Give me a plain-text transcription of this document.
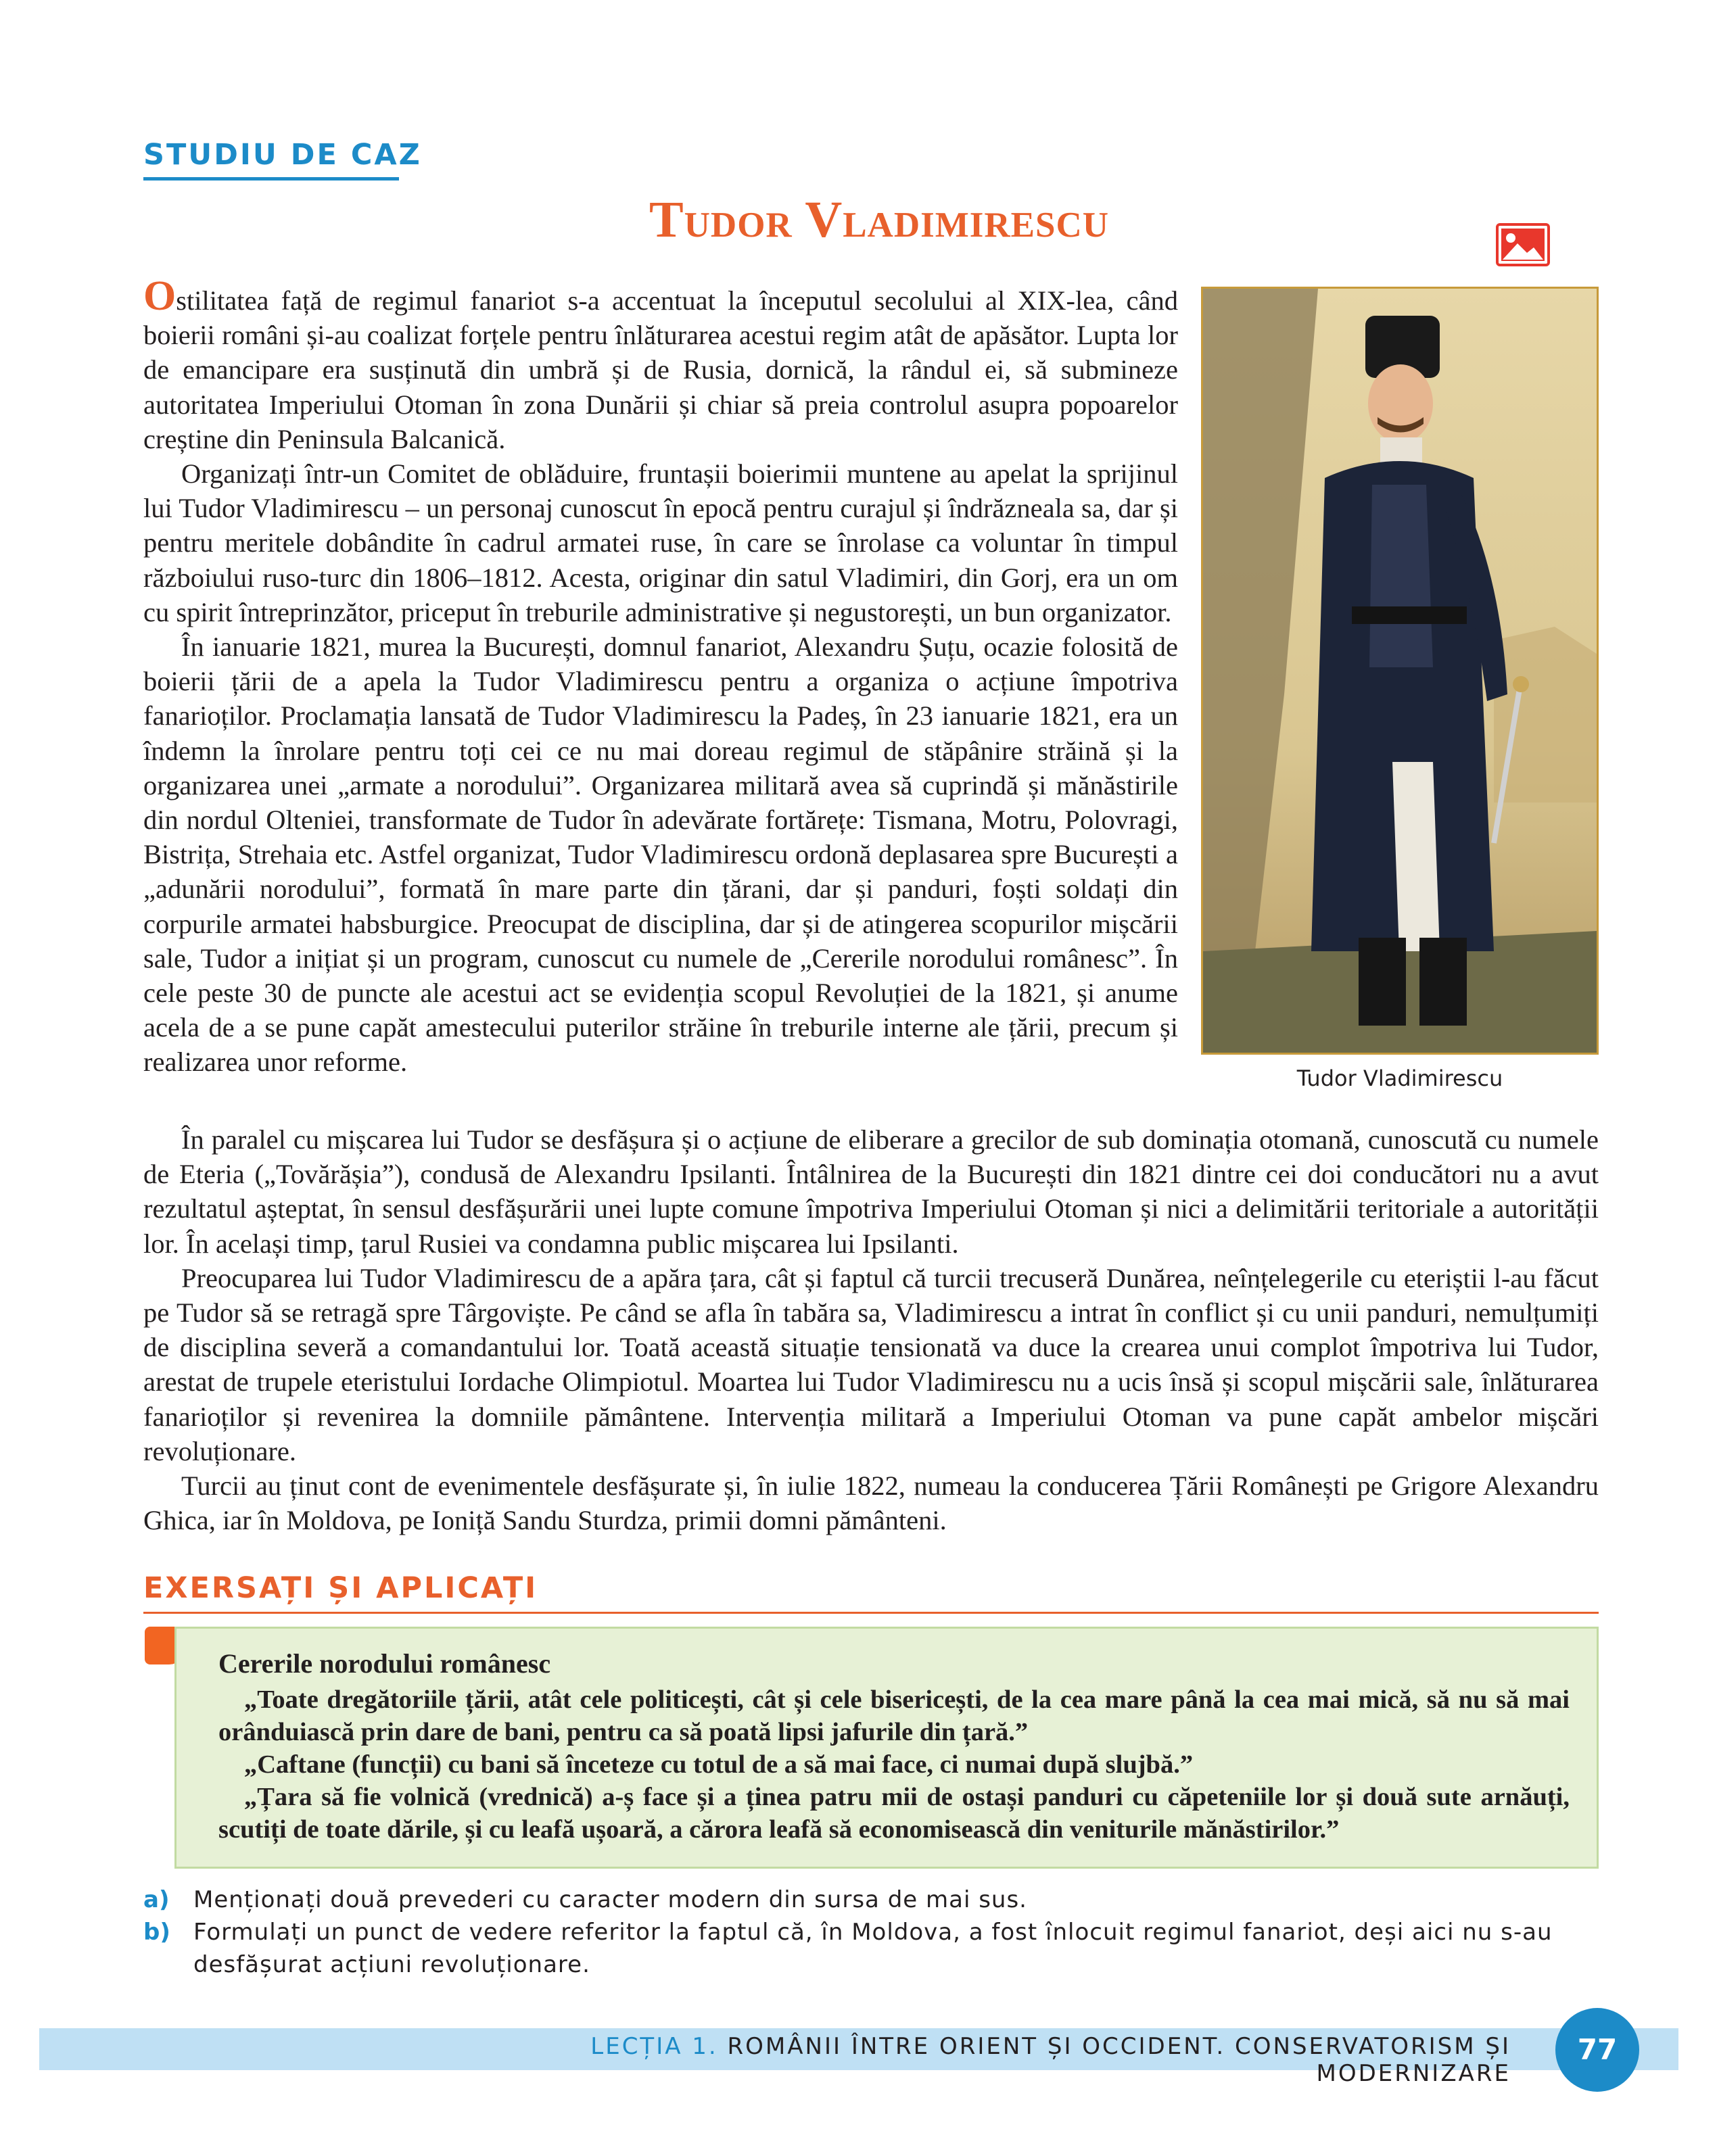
STUDIU DE CAZ
Tudor Vladimirescu
Tudor Vladimirescu

Ostilitatea față de regimul fanariot s-a accentuat la începutul secolului al XIX-lea, când boierii români și-au coalizat forțele pentru înlăturarea acestui regim atât de apăsător. Lupta lor de emancipare era susținută din umbră și de Rusia, dornică, la rândul ei, să submineze autoritatea Imperiului Otoman în zona Dunării și chiar să preia controlul asupra popoarelor creștine din Peninsula Balcanică.

Organizați într-un Comitet de oblăduire, fruntașii boierimii muntene au apelat la sprijinul lui Tudor Vladimirescu – un personaj cunoscut în epocă pentru curajul și îndrăzneala sa, dar și pentru meritele dobândite în cadrul armatei ruse, în care se înrolase ca voluntar în timpul războiului ruso-turc din 1806–1812. Acesta, originar din satul Vladimiri, din Gorj, era un om cu spirit întreprinzător, priceput în treburile administrative și negustorești, un bun organizator.

În ianuarie 1821, murea la București, domnul fanariot, Alexandru Șuțu, ocazie folosită de boierii țării de a apela la Tudor Vladimirescu pentru a organiza o acțiune împotriva fanarioților. Proclamația lansată de Tudor Vladimirescu la Padeș, în 23 ianuarie 1821, era un îndemn la înrolare pentru toți cei ce nu mai doreau regimul de stăpânire străină și la organizarea unei „armate a norodului”. Organizarea militară avea să cuprindă și mănăstirile din nordul Olteniei, transformate de Tudor în adevărate fortărețe: Tismana, Motru, Polovragi, Bistrița, Strehaia etc. Astfel organizat, Tudor Vladimirescu ordonă deplasarea spre București a „adunării norodului”, formată în mare parte din țărani, dar și panduri, foști soldați din corpurile armatei habsburgice. Preocupat de disciplina, dar și de atingerea scopurilor mișcării sale, Tudor a inițiat și un program, cunoscut cu numele de „Cererile norodului românesc”. În cele peste 30 de puncte ale acestui act se evidenția scopul Revoluției de la 1821, și anume acela de a se pune capăt amestecului puterilor străine în treburile interne ale țării, precum și realizarea unor reforme.

În paralel cu mișcarea lui Tudor se desfășura și o acțiune de eliberare a grecilor de sub dominația otomană, cunoscută cu numele de Eteria („Tovărășia”), condusă de Alexandru Ipsilanti. Întâlnirea de la București din 1821 dintre cei doi conducători nu a avut rezultatul așteptat, în sensul desfășurării unei lupte comune împotriva Imperiului Otoman și nici a delimitării teritoriale a autorității lor. În același timp, țarul Rusiei va condamna public mișcarea lui Ipsilanti.

Preocuparea lui Tudor Vladimirescu de a apăra țara, cât și faptul că turcii trecuseră Dunărea, neînțelegerile cu eteriștii l-au făcut pe Tudor să se retragă spre Târgoviște. Pe când se afla în tabăra sa, Vladimirescu a intrat în conflict și cu unii panduri, nemulțumiți de disciplina severă a comandantului lor. Toată această situație tensionată va duce la crearea unui complot împotriva lui Tudor, arestat de trupele eteristului Iordache Olimpiotul. Moartea lui Tudor Vladimirescu nu a ucis însă și scopul mișcării sale, înlăturarea fanarioților și revenirea la domniile pământene. Intervenția militară a Imperiului Otoman va pune capăt ambelor mișcări revoluționare.

Turcii au ținut cont de evenimentele desfășurate și, în iulie 1822, numeau la conducerea Țării Românești pe Grigore Alexandru Ghica, iar în Moldova, pe Ioniță Sandu Sturdza, primii domni pământeni.

EXERSAȚI ȘI APLICAȚI

Cererile norodului românesc

„Toate dregătoriile țării, atât cele politicești, cât și cele bisericești, de la cea mare până la cea mai mică, să nu să mai orânduiască prin dare de bani, pentru ca să poată lipsi jafurile din țară.”

„Caftane (funcții) cu bani să înceteze cu totul de a să mai face, ci numai după slujbă.”

„Țara să fie volnică (vrednică) a-ș face și a ținea patru mii de ostași panduri cu căpeteniile lor și două sute arnăuți, scutiți de toate dările, și cu leafă ușoară, a cărora leafă să economisească din veniturile mănăstirilor.”

a)	Menționați două prevederi cu caracter modern din sursa de mai sus.
b)	Formulați un punct de vedere referitor la faptul că, în Moldova, a fost înlocuit regimul fanariot, deși aici nu s-au desfășurat acțiuni revoluționare.
LECȚIA 1. ROMÂNII ÎNTRE ORIENT ȘI OCCIDENT. CONSERVATORISM ȘI MODERNIZARE
77
